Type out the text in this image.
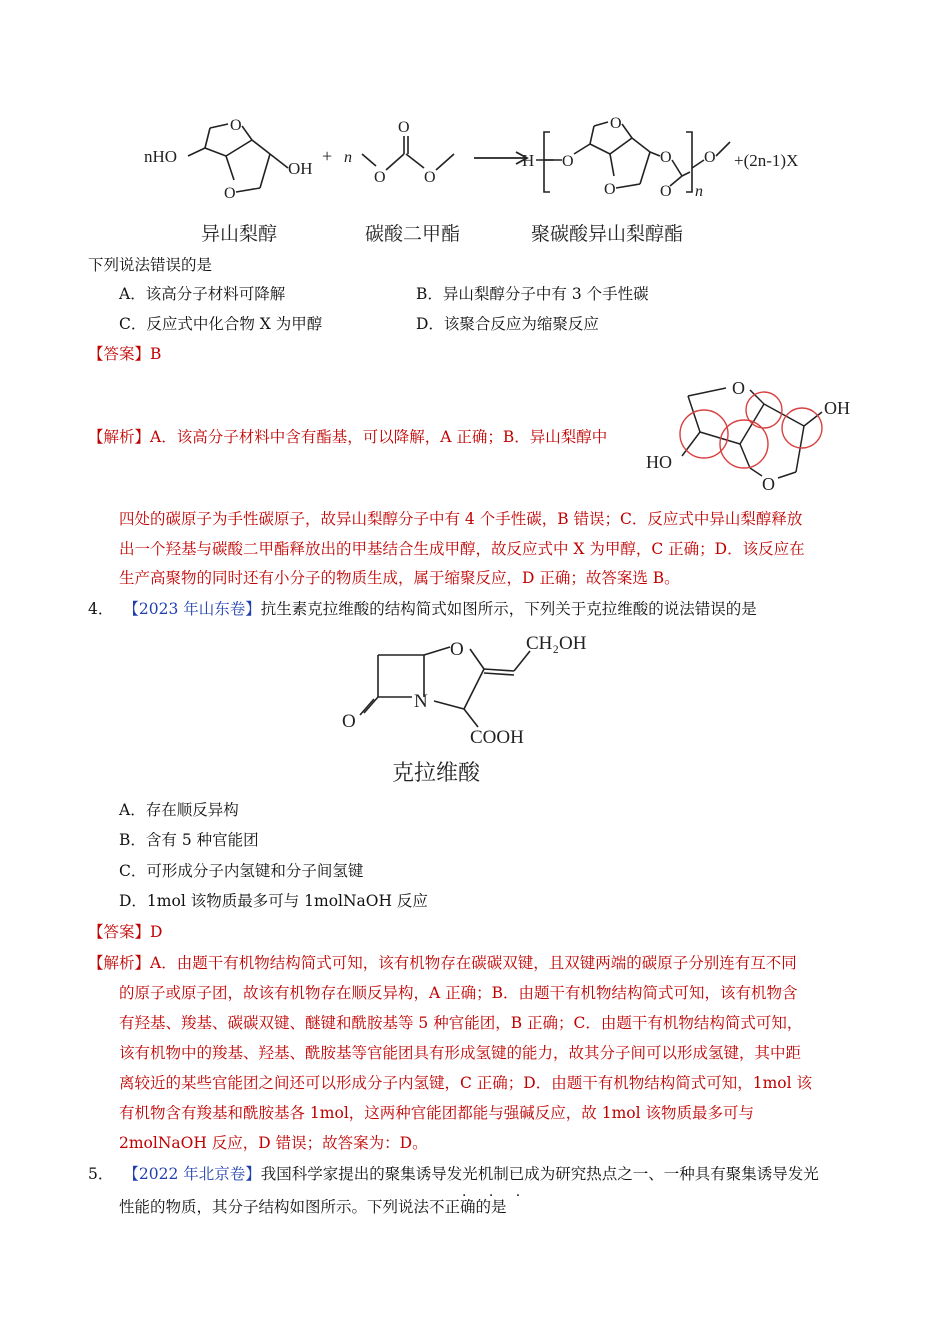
nHO
O
O
OH
+ n
O
O
O
H O
O
O
O
O n
O +(2n-1)X
异山梨醇	碳酸二甲酯	聚碳酸异山梨醇酯
下列说法错误的是
A．该高分子材料可降解	B．异山梨醇分子中有 3 个手性碳
C．反应式中化合物 X 为甲醇	D．该聚合反应为缩聚反应
【答案】B
【解析】A．该高分子材料中含有酯基，可以降解，A 正确；B．异山梨醇中
O
O
OH
HO
四处的碳原子为手性碳原子，故异山梨醇分子中有 4 个手性碳，B 错误；C．反应式中异山梨醇释放
出一个羟基与碳酸二甲酯释放出的甲基结合生成甲醇，故反应式中 X 为甲醇，C 正确；D．该反应在
生产高聚物的同时还有小分子的物质生成，属于缩聚反应，D 正确；故答案选 B。
4． 【2023 年山东卷】抗生素克拉维酸的结构简式如图所示，下列关于克拉维酸的说法错误的是
O
N
O
CH₂OH
COOH
克拉维酸
A．存在顺反异构
B．含有 5 种官能团
C．可形成分子内氢键和分子间氢键
D．1mol 该物质最多可与 1molNaOH 反应
【答案】D
【解析】A．由题干有机物结构简式可知，该有机物存在碳碳双键，且双键两端的碳原子分别连有互不同
的原子或原子团，故该有机物存在顺反异构，A 正确；B．由题干有机物结构简式可知，该有机物含
有羟基、羧基、碳碳双键、醚键和酰胺基等 5 种官能团，B 正确；C．由题干有机物结构简式可知，
该有机物中的羧基、羟基、酰胺基等官能团具有形成氢键的能力，故其分子间可以形成氢键，其中距
离较近的某些官能团之间还可以形成分子内氢键，C 正确；D．由题干有机物结构简式可知，1mol 该
有机物含有羧基和酰胺基各 1mol，这两种官能团都能与强碱反应，故 1mol 该物质最多可与
2molNaOH 反应，D 错误；故答案为：D。
5． 【2022 年北京卷】我国科学家提出的聚集诱导发光机制已成为研究热点之一、一种具有聚集诱导发光
性能的物质，其分子结构如图所示。下列说法不正确的是
· · ·
